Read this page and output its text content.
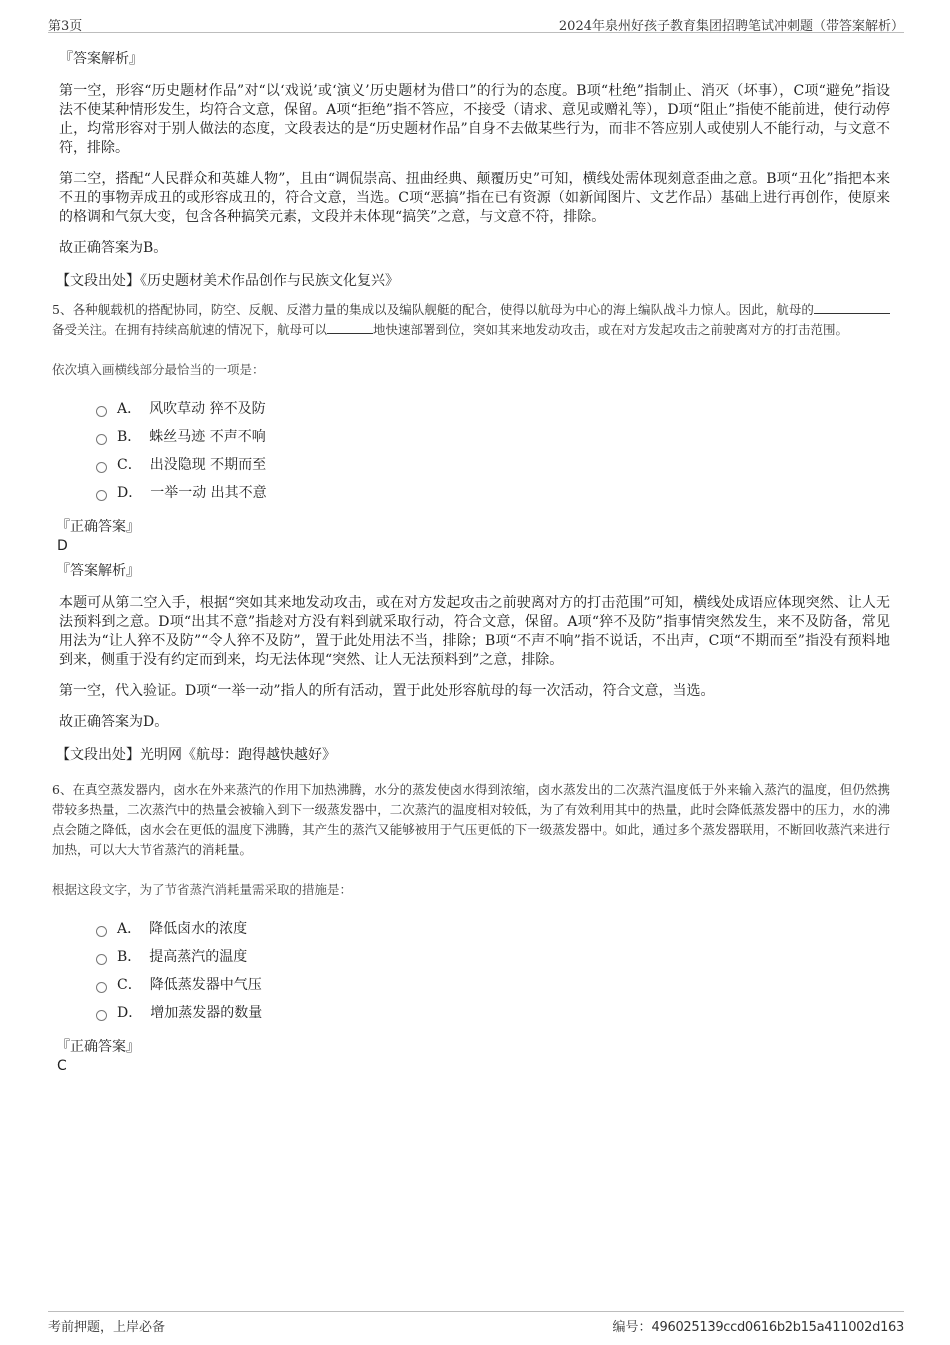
第3页	2024年泉州好孩子教育集团招聘笔试冲刺题（带答案解析）
『答案解析』

第一空，形容“历史题材作品”对“以‘戏说’或‘演义’历史题材为借口”的行为的态度。B项“杜绝”指制止、消灭（坏事），C项“避免”指设法不使某种情形发生，均符合文意，保留。A项“拒绝”指不答应，不接受（请求、意见或赠礼等），D项“阻止”指使不能前进，使行动停止，均常形容对于别人做法的态度，文段表达的是“历史题材作品”自身不去做某些行为，而非不答应别人或使别人不能行动，与文意不符，排除。

第二空，搭配“人民群众和英雄人物”，且由“调侃崇高、扭曲经典、颠覆历史”可知，横线处需体现刻意歪曲之意。B项“丑化”指把本来不丑的事物弄成丑的或形容成丑的，符合文意，当选。C项“恶搞”指在已有资源（如新闻图片、文艺作品）基础上进行再创作，使原来的格调和气氛大变，包含各种搞笑元素，文段并未体现“搞笑”之意，与文意不符，排除。

故正确答案为B。

【文段出处】《历史题材美术作品创作与民族文化复兴》
5、各种舰载机的搭配协同，防空、反舰、反潜力量的集成以及编队舰艇的配合，使得以航母为中心的海上编队战斗力惊人。因此，航母的备受关注。在拥有持续高航速的情况下，航母可以	地快速部署到位，突如其来地发动攻击，或在对方发起攻击之前驶离对方的打击范围。
依次填入画横线部分最恰当的一项是：
A． 风吹草动 猝不及防
B． 蛛丝马迹 不声不响
C． 出没隐现 不期而至
D． 一举一动 出其不意
『正确答案』
D
『答案解析』

本题可从第二空入手，根据“突如其来地发动攻击，或在对方发起攻击之前驶离对方的打击范围”可知，横线处成语应体现突然、让人无法预料到之意。D项“出其不意”指趁对方没有料到就采取行动，符合文意，保留。A项“猝不及防”指事情突然发生，来不及防备，常见用法为“让人猝不及防”“令人猝不及防”，置于此处用法不当，排除；B项“不声不响”指不说话，不出声，C项“不期而至”指没有预料地到来，侧重于没有约定而到来，均无法体现“突然、让人无法预料到”之意，排除。

第一空，代入验证。D项“一举一动”指人的所有活动，置于此处形容航母的每一次活动，符合文意，当选。

故正确答案为D。

【文段出处】光明网《航母：跑得越快越好》
6、在真空蒸发器内，卤水在外来蒸汽的作用下加热沸腾，水分的蒸发使卤水得到浓缩，卤水蒸发出的二次蒸汽温度低于外来输入蒸汽的温度，但仍然携带较多热量，二次蒸汽中的热量会被输入到下一级蒸发器中，二次蒸汽的温度相对较低，为了有效利用其中的热量，此时会降低蒸发器中的压力，水的沸点会随之降低，卤水会在更低的温度下沸腾，其产生的蒸汽又能够被用于气压更低的下一级蒸发器中。如此，通过多个蒸发器联用，不断回收蒸汽来进行加热，可以大大节省蒸汽的消耗量。
根据这段文字，为了节省蒸汽消耗量需采取的措施是：
A． 降低卤水的浓度
B． 提高蒸汽的温度
C． 降低蒸发器中气压
D． 增加蒸发器的数量
『正确答案』
C
考前押题，上岸必备	编号：496025139ccd0616b2b15a411002d163
